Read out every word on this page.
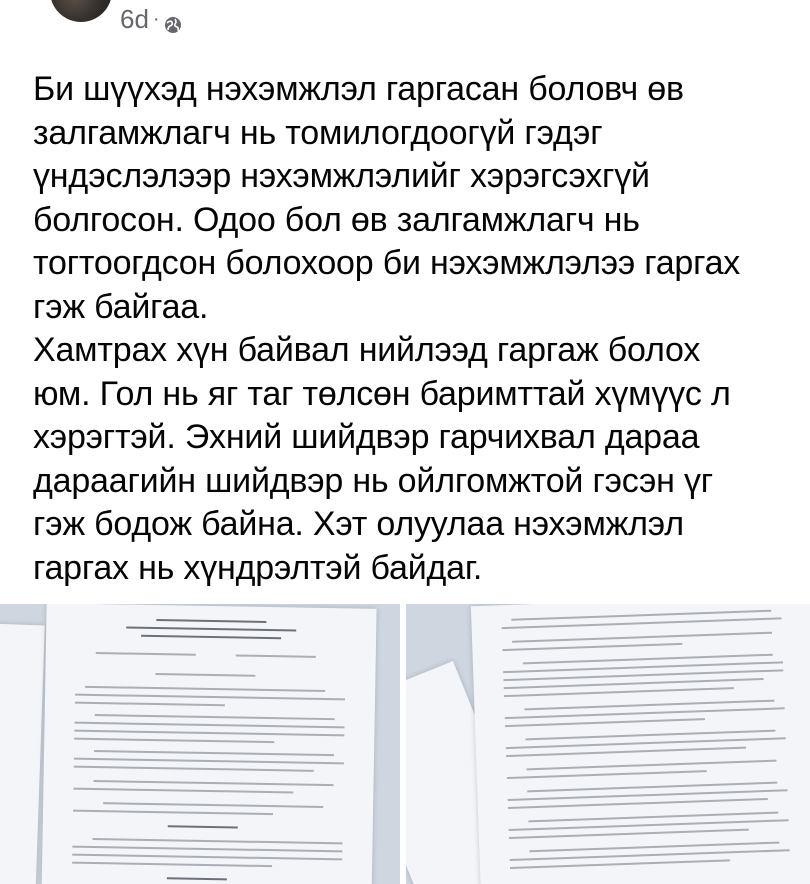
6d ·

Би шүүхэд нэхэмжлэл гаргасан боловч өв
залгамжлагч нь томилогдоогүй гэдэг
үндэслэлээр нэхэмжлэлийг хэрэгсэхгүй
болгосон. Одоо бол өв залгамжлагч нь
тогтоогдсон болохоор би нэхэмжлэлээ гаргах
гэж байгаа.

Хамтрах хүн байвал нийлээд гаргаж болох
юм. Гол нь яг таг төлсөн баримттай хүмүүс л
хэрэгтэй. Эхний шийдвэр гарчихвал дараа
дараагийн шийдвэр нь ойлгомжтой гэсэн үг
гэж бодож байна. Хэт олуулаа нэхэмжлэл
гаргах нь хүндрэлтэй байдаг.
